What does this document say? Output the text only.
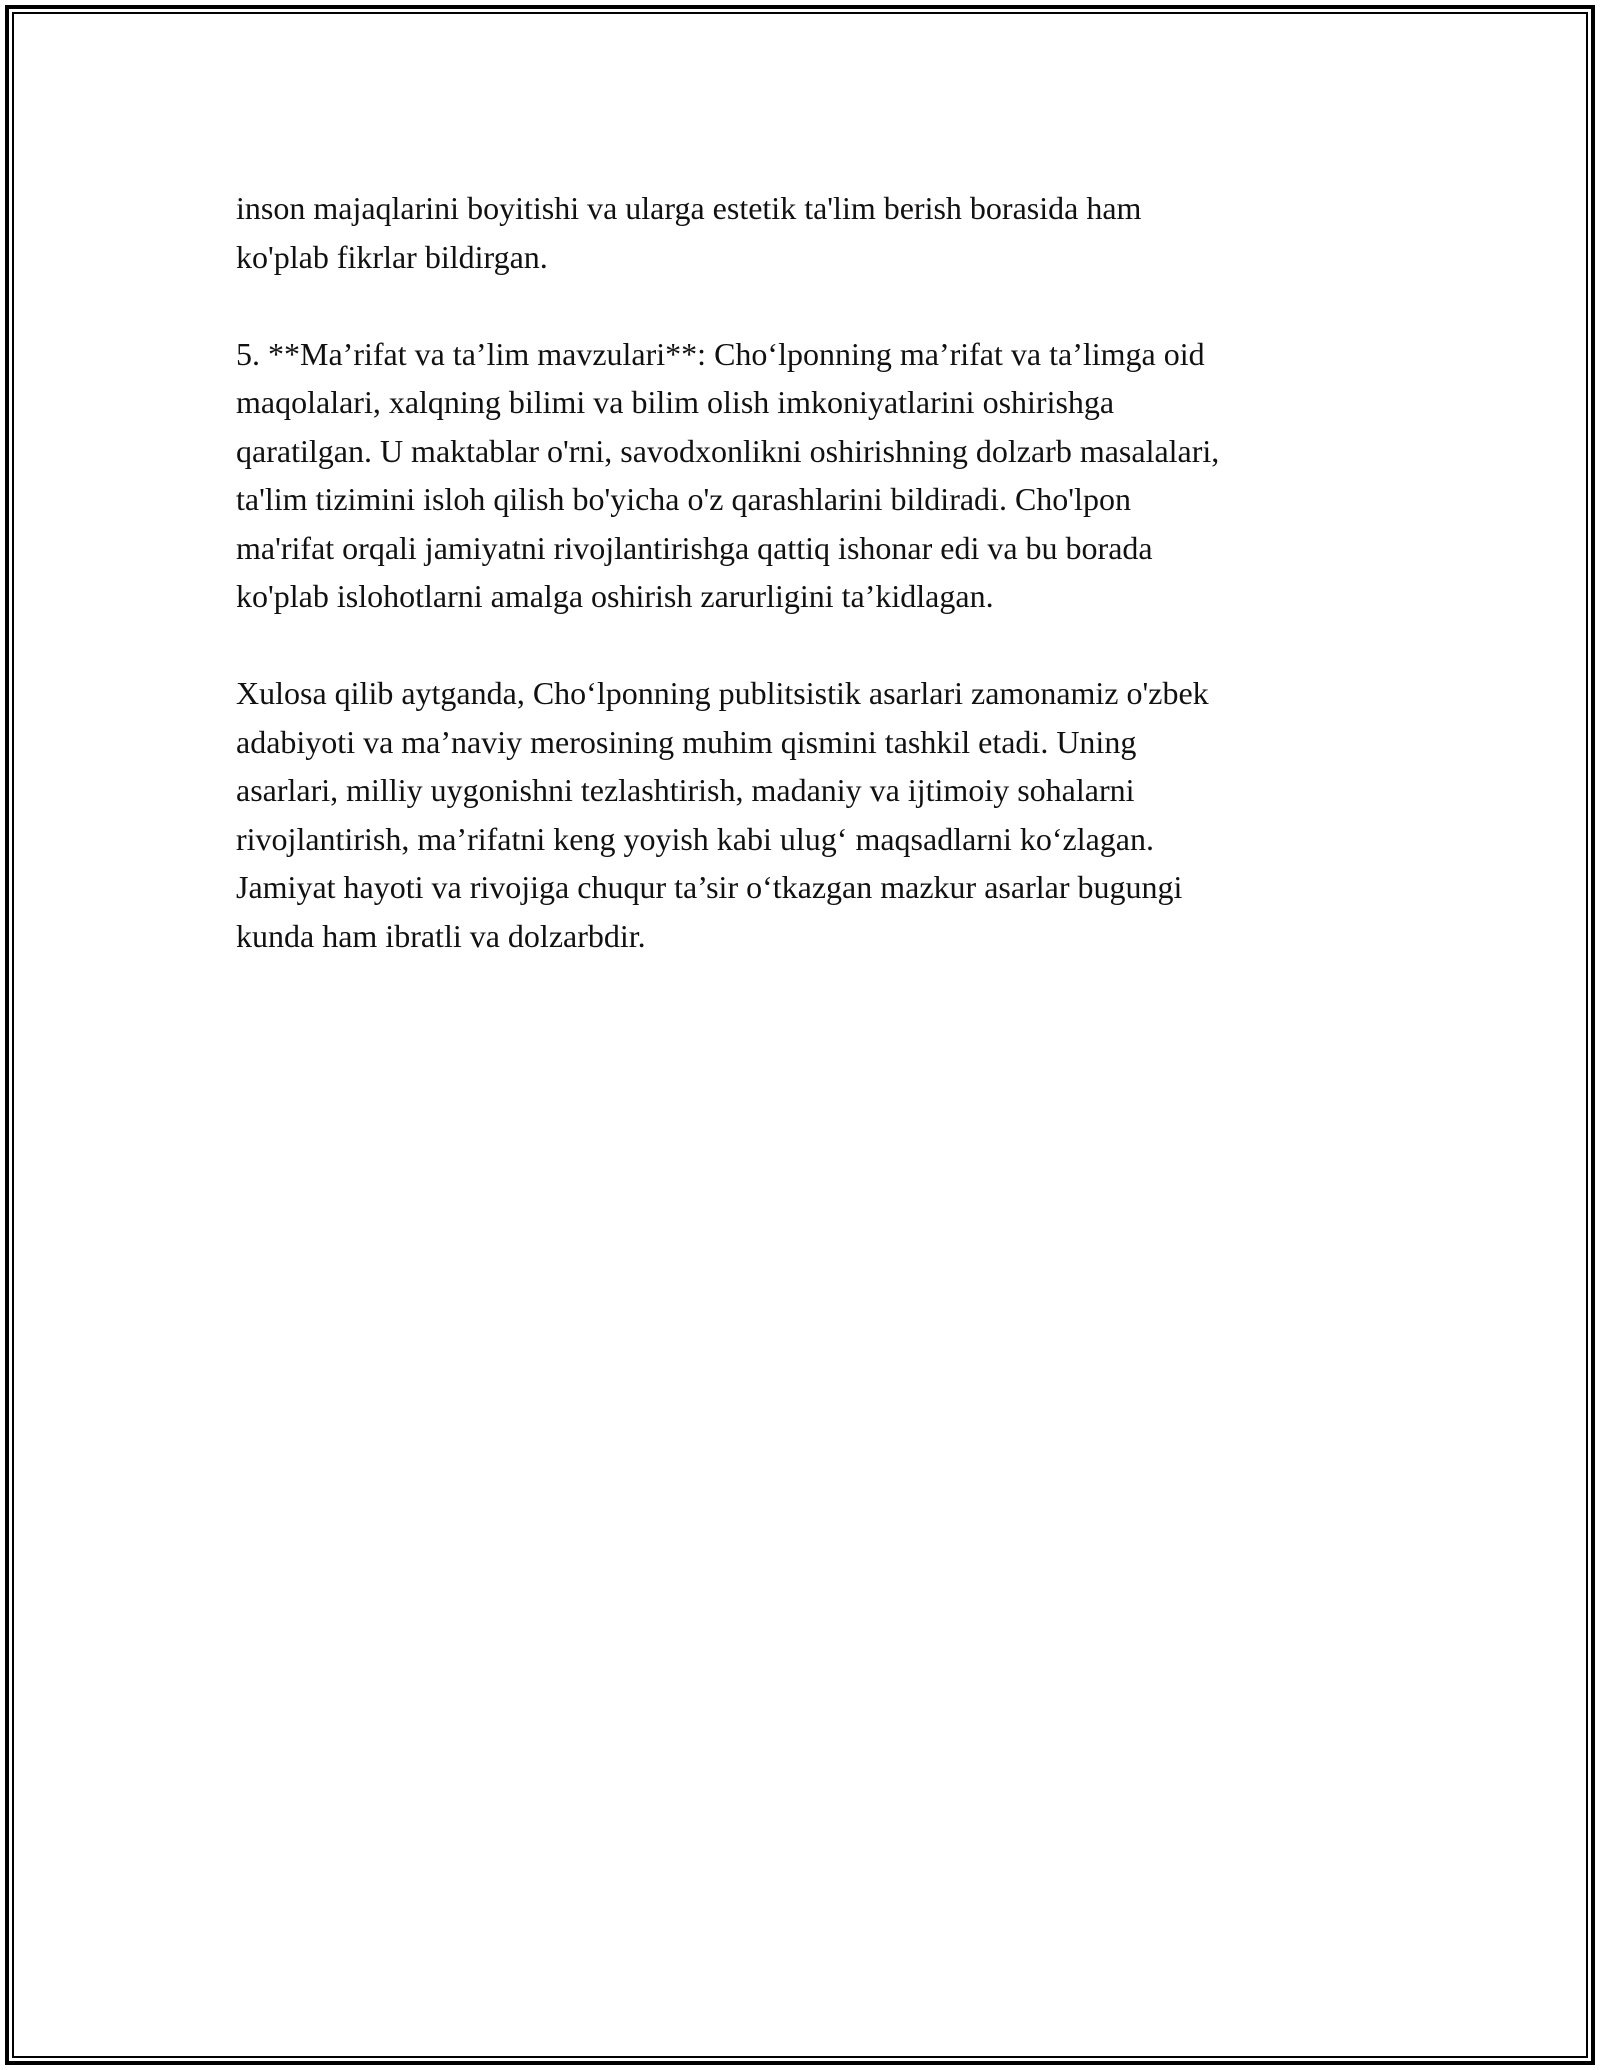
inson majaqlarini boyitishi va ularga estetik ta'lim berish borasida ham
ko'plab fikrlar bildirgan.

5. **Ma’rifat va ta’lim mavzulari**: Cho‘lponning ma’rifat va ta’limga oid
maqolalari, xalqning bilimi va bilim olish imkoniyatlarini oshirishga
qaratilgan. U maktablar o'rni, savodxonlikni oshirishning dolzarb masalalari,
ta'lim tizimini isloh qilish bo'yicha o'z qarashlarini bildiradi. Cho'lpon
ma'rifat orqali jamiyatni rivojlantirishga qattiq ishonar edi va bu borada
ko'plab islohotlarni amalga oshirish zarurligini ta’kidlagan.

Xulosa qilib aytganda, Cho‘lponning publitsistik asarlari zamonamiz o'zbek
adabiyoti va ma’naviy merosining muhim qismini tashkil etadi. Uning
asarlari, milliy uygonishni tezlashtirish, madaniy va ijtimoiy sohalarni
rivojlantirish, ma’rifatni keng yoyish kabi ulug‘ maqsadlarni ko‘zlagan.
Jamiyat hayoti va rivojiga chuqur ta’sir o‘tkazgan mazkur asarlar bugungi
kunda ham ibratli va dolzarbdir.
